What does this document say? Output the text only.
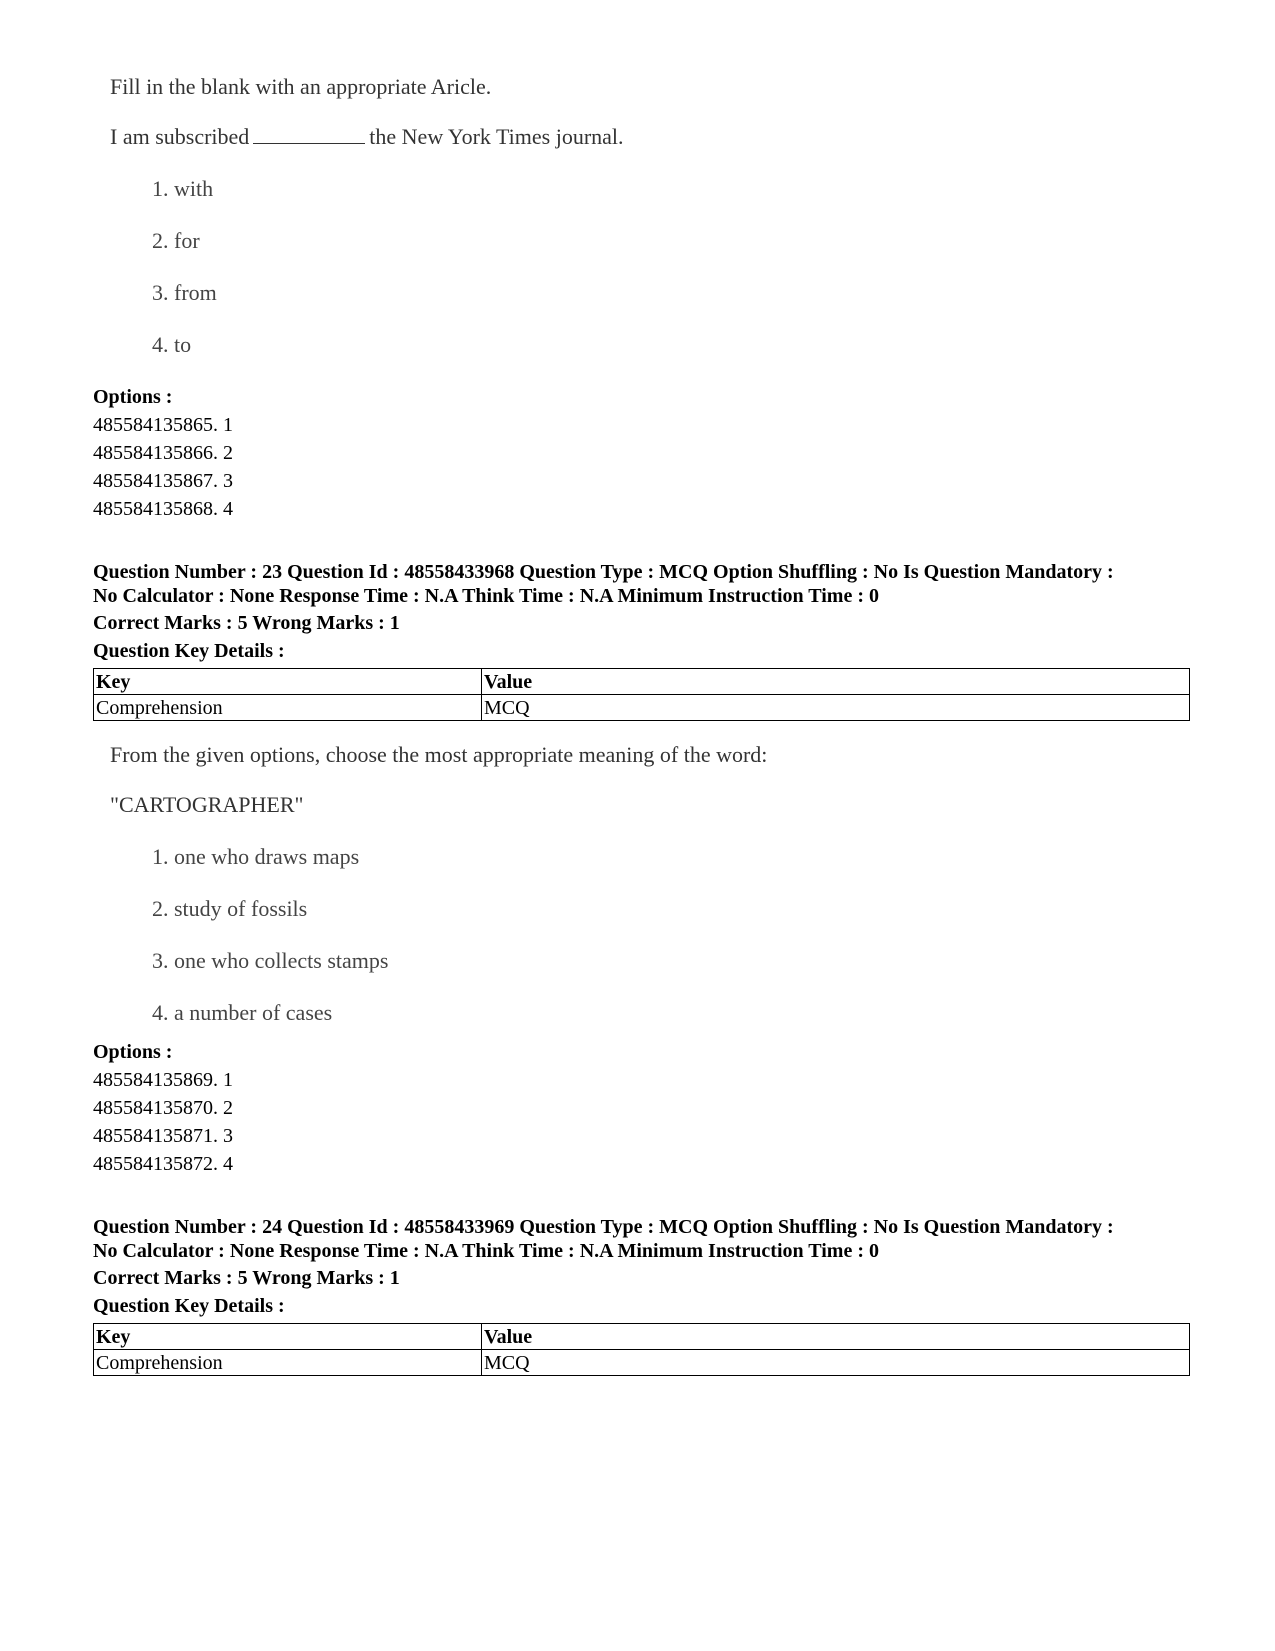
Fill in the blank with an appropriate Aricle.

I am subscribed	the New York Times journal.

1. with

2. for

3. from

4. to

Options :
485584135865. 1
485584135866. 2
485584135867. 3
485584135868. 4
Question Number : 23 Question Id : 48558433968 Question Type : MCQ Option Shuffling : No Is Question Mandatory :
No Calculator : None Response Time : N.A Think Time : N.A Minimum Instruction Time : 0
Correct Marks : 5 Wrong Marks : 1
Question Key Details :
Key	Value
Comprehension	MCQ

From the given options, choose the most appropriate meaning of the word:

"CARTOGRAPHER"

1. one who draws maps

2. study of fossils

3. one who collects stamps

4. a number of cases

Options :
485584135869. 1
485584135870. 2
485584135871. 3
485584135872. 4
Question Number : 24 Question Id : 48558433969 Question Type : MCQ Option Shuffling : No Is Question Mandatory :
No Calculator : None Response Time : N.A Think Time : N.A Minimum Instruction Time : 0
Correct Marks : 5 Wrong Marks : 1
Question Key Details :
Key	Value
Comprehension	MCQ
